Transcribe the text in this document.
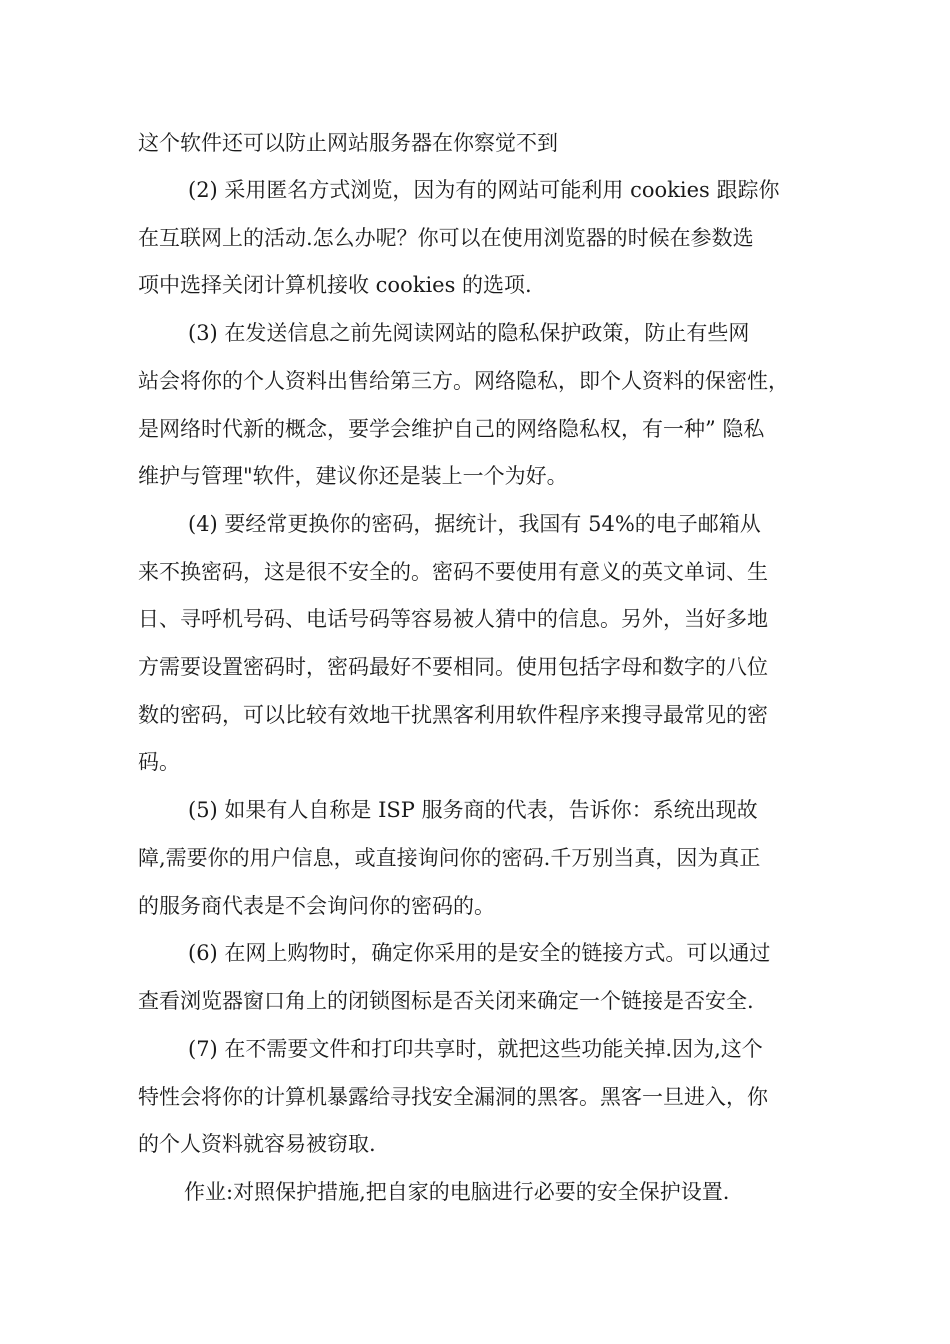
这个软件还可以防止网站服务器在你察觉不到
(2) 采用匿名方式浏览，因为有的网站可能利用 cookies 跟踪你
在互联网上的活动.怎么办呢？你可以在使用浏览器的时候在参数选
项中选择关闭计算机接收 cookies 的选项.
(3) 在发送信息之前先阅读网站的隐私保护政策，防止有些网
站会将你的个人资料出售给第三方。网络隐私，即个人资料的保密性，
是网络时代新的概念，要学会维护自己的网络隐私权，有一种” 隐私
维护与管理"软件，建议你还是装上一个为好。
(4) 要经常更换你的密码，据统计，我国有 54%的电子邮箱从
来不换密码，这是很不安全的。密码不要使用有意义的英文单词、生
日、寻呼机号码、电话号码等容易被人猜中的信息。另外，当好多地
方需要设置密码时，密码最好不要相同。使用包括字母和数字的八位
数的密码，可以比较有效地干扰黑客利用软件程序来搜寻最常见的密
码。
(5) 如果有人自称是 ISP 服务商的代表，告诉你：系统出现故
障,需要你的用户信息，或直接询问你的密码.千万别当真，因为真正
的服务商代表是不会询问你的密码的。
(6) 在网上购物时，确定你采用的是安全的链接方式。可以通过
查看浏览器窗口角上的闭锁图标是否关闭来确定一个链接是否安全.
(7) 在不需要文件和打印共享时，就把这些功能关掉.因为,这个
特性会将你的计算机暴露给寻找安全漏洞的黑客。黑客一旦进入，你
的个人资料就容易被窃取.
作业:对照保护措施,把自家的电脑进行必要的安全保护设置.
